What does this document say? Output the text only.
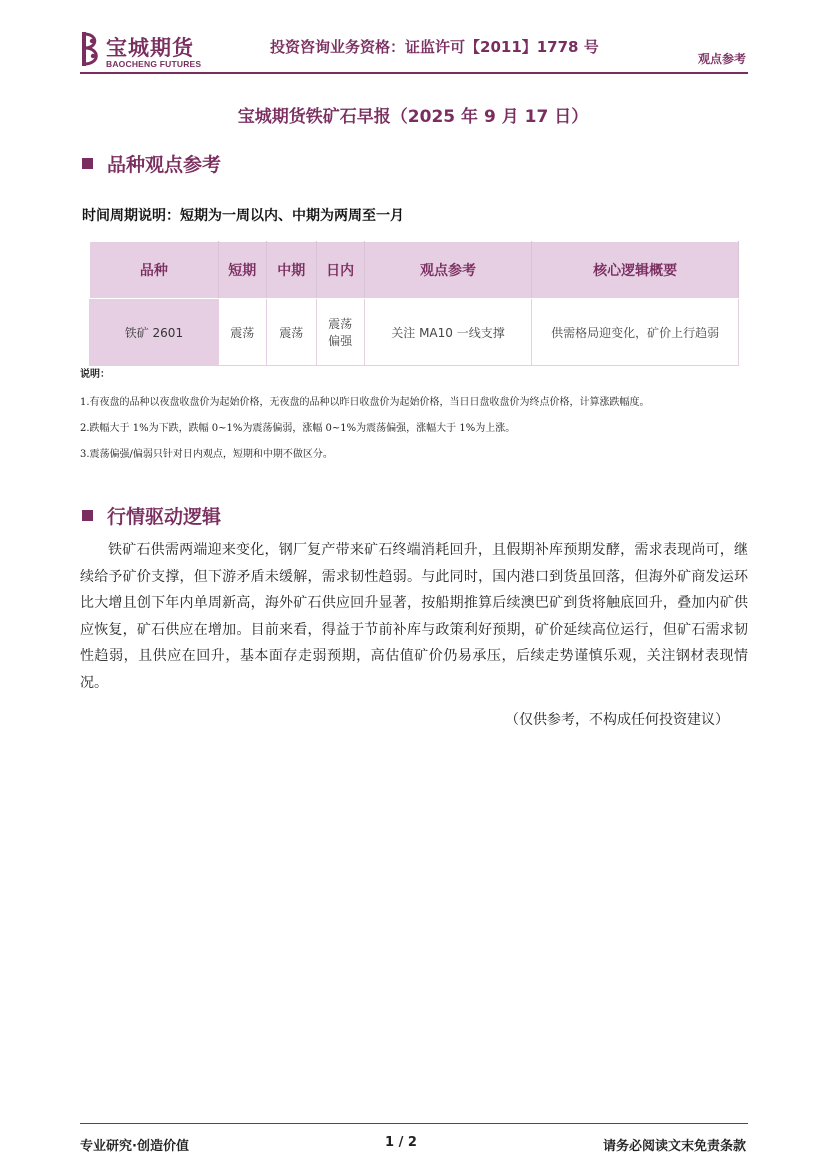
宝城期货
BAOCHENG FUTURES
投资咨询业务资格：证监许可【2011】1778 号
观点参考
宝城期货铁矿石早报（2025 年 9 月 17 日）
品种观点参考
时间周期说明：短期为一周以内、中期为两周至一月
品种	短期	中期	日内	观点参考	核心逻辑概要
铁矿 2601	震荡	震荡	震荡偏强	关注 MA10 一线支撑	供需格局迎变化，矿价上行趋弱

说明：

1.有夜盘的品种以夜盘收盘价为起始价格，无夜盘的品种以昨日收盘价为起始价格，当日日盘收盘价为终点价格，计算涨跌幅度。

2.跌幅大于 1%为下跌，跌幅 0~1%为震荡偏弱，涨幅 0~1%为震荡偏强，涨幅大于 1%为上涨。

3.震荡偏强/偏弱只针对日内观点，短期和中期不做区分。

行情驱动逻辑

铁矿石供需两端迎来变化，钢厂复产带来矿石终端消耗回升，且假期补库预期发酵，需求表现尚可，继续给予矿价支撑，但下游矛盾未缓解，需求韧性趋弱。与此同时，国内港口到货虽回落，但海外矿商发运环比大增且创下年内单周新高，海外矿石供应回升显著，按船期推算后续澳巴矿到货将触底回升，叠加内矿供应恢复，矿石供应在增加。目前来看，得益于节前补库与政策利好预期，矿价延续高位运行，但矿石需求韧性趋弱，且供应在回升，基本面存走弱预期，高估值矿价仍易承压，后续走势谨慎乐观，关注钢材表现情况。

（仅供参考，不构成任何投资建议）
专业研究·创造价值	1 / 2	请务必阅读文末免责条款
